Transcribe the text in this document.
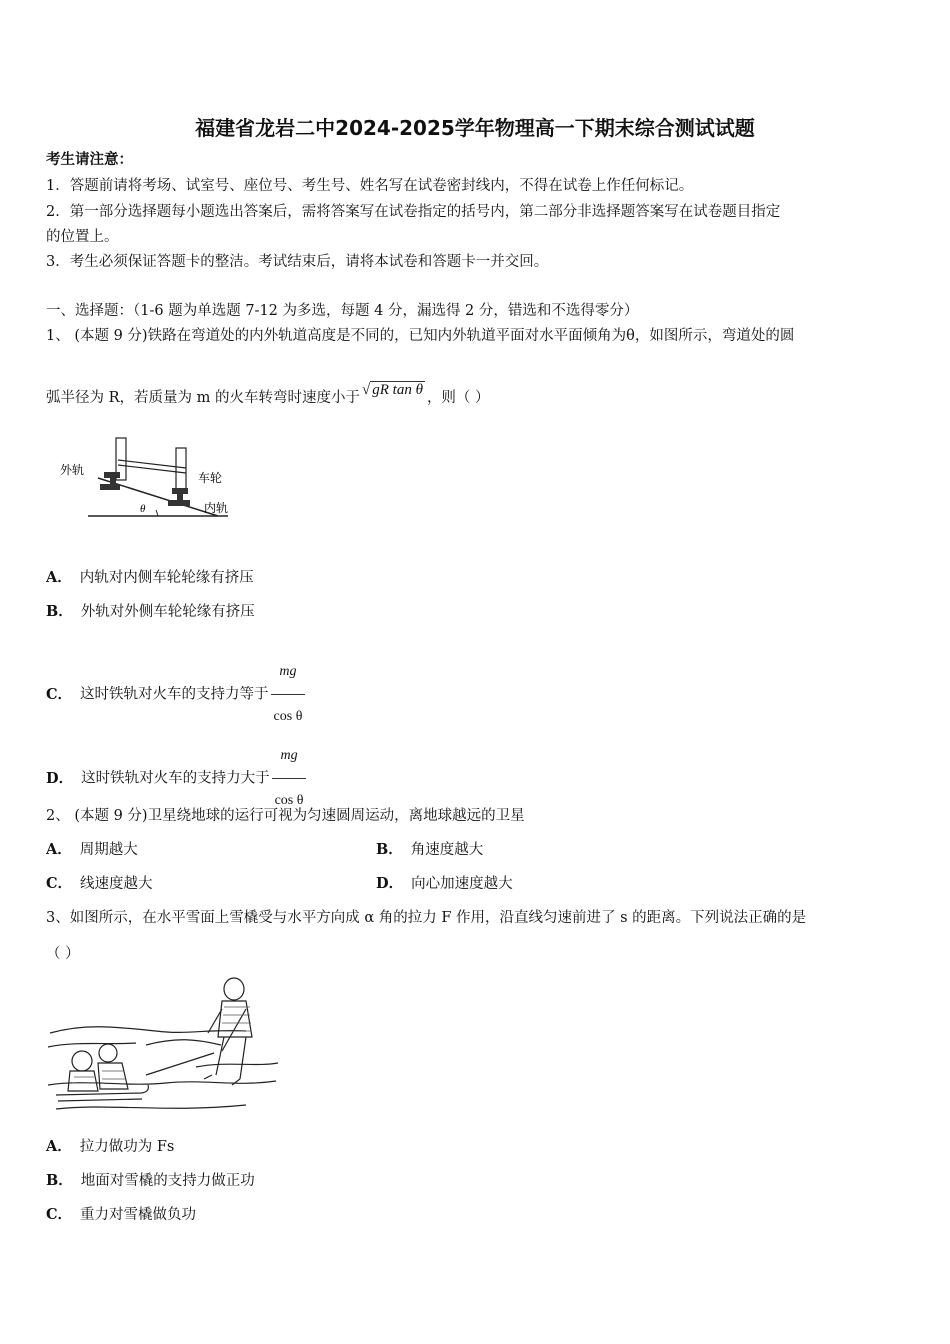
福建省龙岩二中2024-2025学年物理高一下期末综合测试试题
考生请注意：
1．答题前请将考场、试室号、座位号、考生号、姓名写在试卷密封线内，不得在试卷上作任何标记。
2．第一部分选择题每小题选出答案后，需将答案写在试卷指定的括号内，第二部分非选择题答案写在试卷题目指定
的位置上。
3．考生必须保证答题卡的整洁。考试结束后，请将本试卷和答题卡一并交回。
一、选择题：（1-6 题为单选题 7-12 为多选，每题 4 分，漏选得 2 分，错选和不选得零分）
1、 (本题 9 分)铁路在弯道处的内外轨道高度是不同的，已知内外轨道平面对水平面倾角为θ，如图所示，弯道处的圆
弧半径为 R，若质量为 m 的火车转弯时速度小于 √ gR tan θ ，则（ ）
外轨
车轮
内轨
θ
A． 内轨对内侧车轮轮缘有挤压
B． 外轨对外侧车轮轮缘有挤压
C． 这时铁轨对火车的支持力等于 $\frac{mg}{\text{cos θ}}$
D． 这时铁轨对火车的支持力大于 $\frac{mg}{\text{cos θ}}$
2、 (本题 9 分)卫星绕地球的运行可视为匀速圆周运动，离地球越远的卫星
A． 周期越大	B． 角速度越大
C． 线速度越大	D． 向心加速度越大
3、如图所示，在水平雪面上雪橇受与水平方向成 α 角的拉力 F 作用，沿直线匀速前进了 s 的距离。下列说法正确的是
（ ）
A． 拉力做功为 Fs
B． 地面对雪橇的支持力做正功
C． 重力对雪橇做负功
